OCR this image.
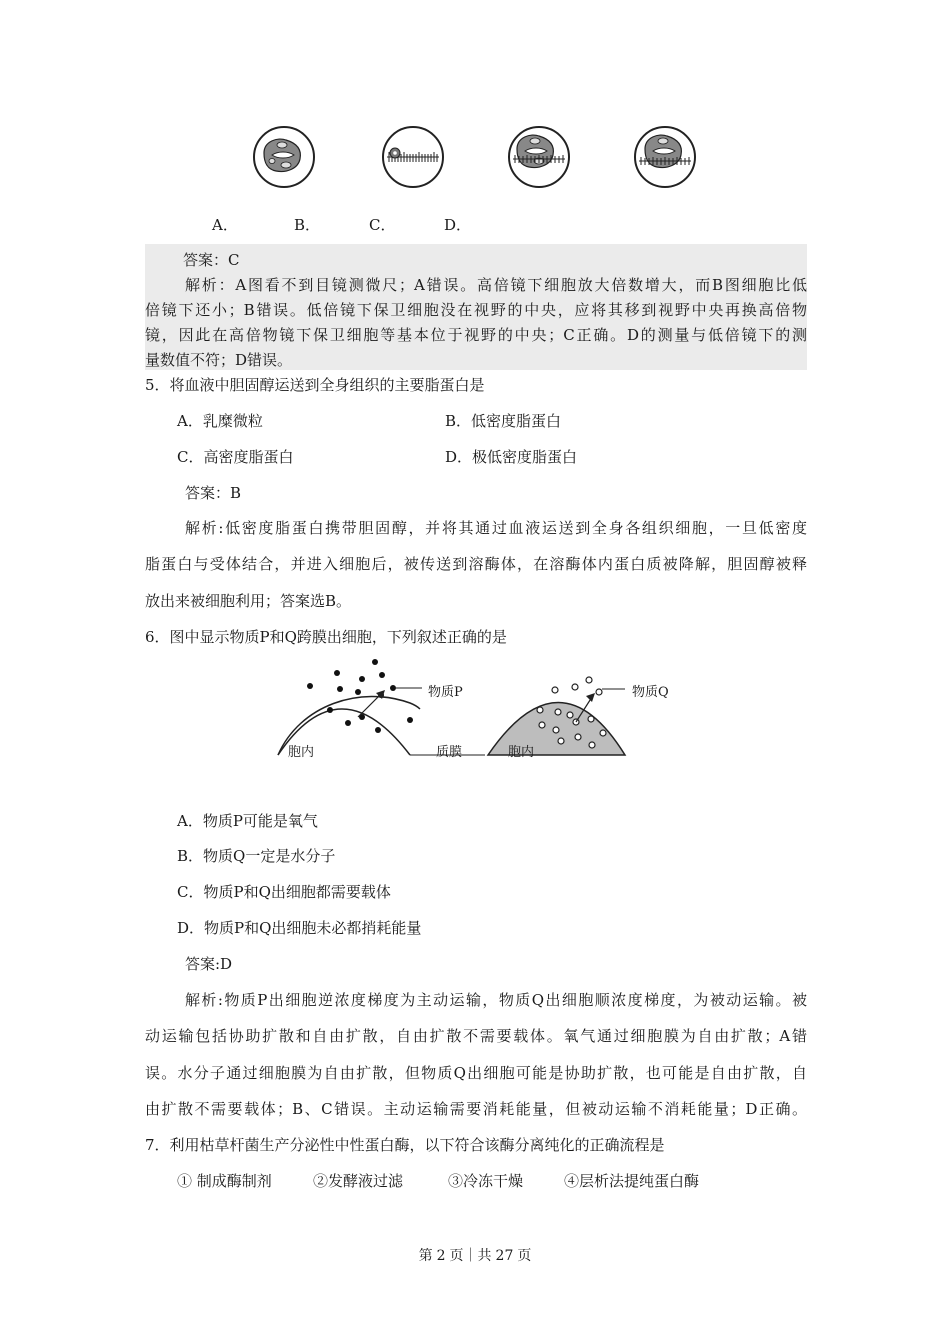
A．	B．	C．	D．
答案：C
解析：A图看不到目镜测微尺；A错误。高倍镜下细胞放大倍数增大，而B图细胞比低
倍镜下还小；B错误。低倍镜下保卫细胞没在视野的中央，应将其移到视野中央再换高倍物
镜，因此在高倍物镜下保卫细胞等基本位于视野的中央；C正确。D的测量与低倍镜下的测
量数值不符；D错误。
5．将血液中胆固醇运送到全身组织的主要脂蛋白是
A．乳糜微粒	B．低密度脂蛋白
C．高密度脂蛋白	D．极低密度脂蛋白
答案：B
解析:低密度脂蛋白携带胆固醇，并将其通过血液运送到全身各组织细胞，一旦低密度
脂蛋白与受体结合，并进入细胞后，被传送到溶酶体，在溶酶体内蛋白质被降解，胆固醇被释
放出来被细胞利用；答案选B。
6．图中显示物质P和Q跨膜出细胞，下列叙述正确的是
物质P	物质Q
质膜
胞内	胞内
A．物质P可能是氧气
B．物质Q一定是水分子
C．物质P和Q出细胞都需要载体
D．物质P和Q出细胞未必都捎耗能量
答案:D
解析:物质P出细胞逆浓度梯度为主动运输，物质Q出细胞顺浓度梯度，为被动运输。被
动运输包括协助扩散和自由扩散，自由扩散不需要载体。氧气通过细胞膜为自由扩散；A错
误。水分子通过细胞膜为自由扩散，但物质Q出细胞可能是协助扩散，也可能是自由扩散，自
由扩散不需要载体；B、C错误。主动运输需要消耗能量，但被动运输不消耗能量；D正确。
7．利用枯草杆菌生产分泌性中性蛋白酶，以下符合该酶分离纯化的正确流程是
① 制成酶制剂	②发酵液过滤	③冷冻干燥	④层析法提纯蛋白酶
第 2 页｜共 27 页
